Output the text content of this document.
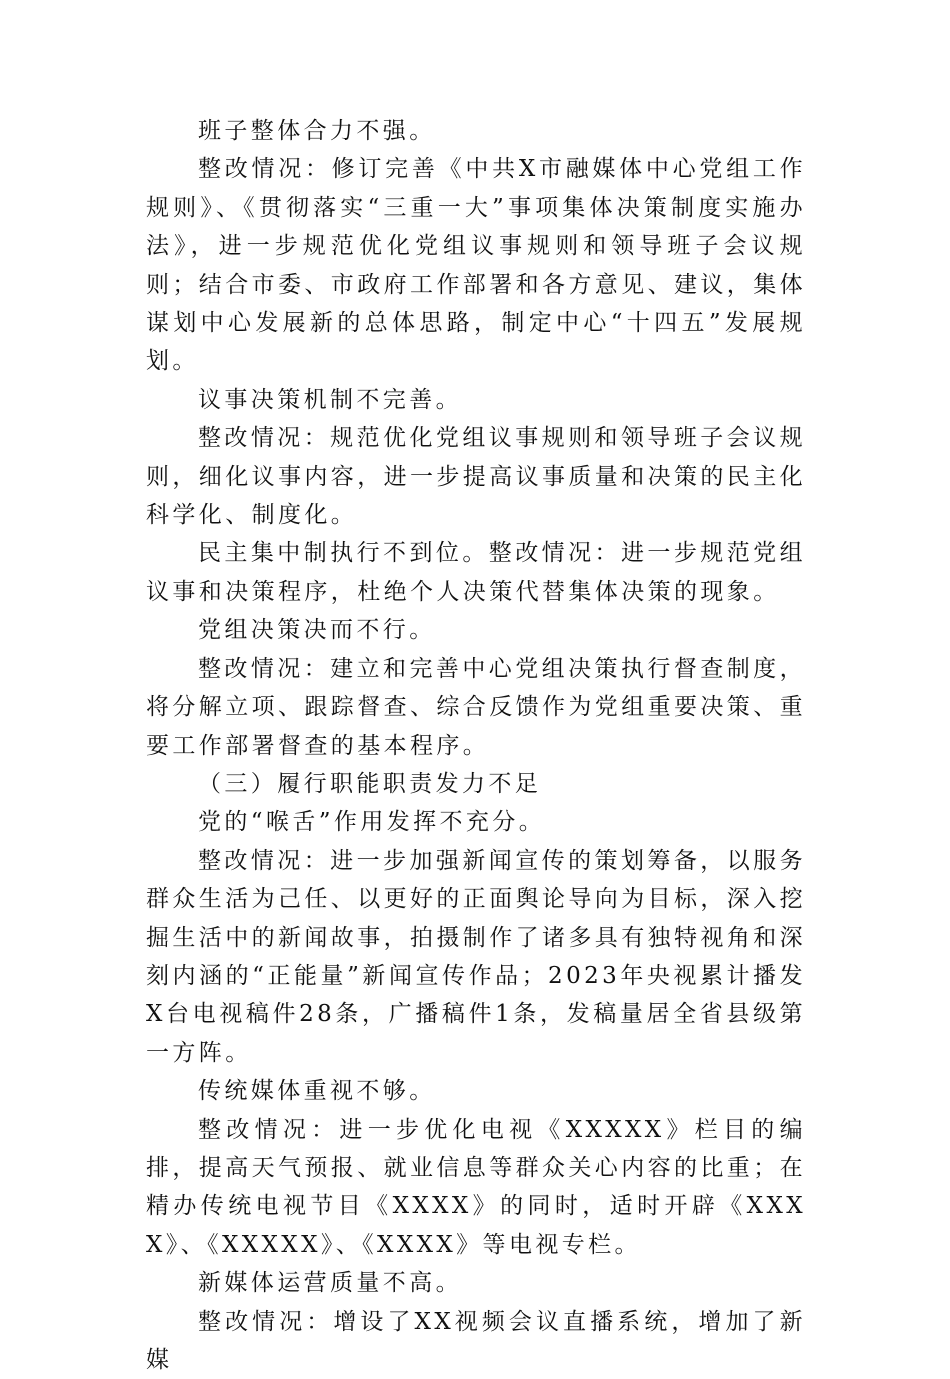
班子整体合力不强。

整改情况：修订完善《中共X市融媒体中心党组工作规则》、《贯彻落实“三重一大”事项集体决策制度实施办法》，进一步规范优化党组议事规则和领导班子会议规则；结合市委、市政府工作部署和各方意见、建议，集体谋划中心发展新的总体思路，制定中心“十四五”发展规划。

议事决策机制不完善。

整改情况：规范优化党组议事规则和领导班子会议规则，细化议事内容，进一步提高议事质量和决策的民主化科学化、制度化。

民主集中制执行不到位。整改情况：进一步规范党组议事和决策程序，杜绝个人决策代替集体决策的现象。

党组决策决而不行。

整改情况：建立和完善中心党组决策执行督查制度，将分解立项、跟踪督查、综合反馈作为党组重要决策、重要工作部署督查的基本程序。

（三）履行职能职责发力不足

党的“喉舌”作用发挥不充分。

整改情况：进一步加强新闻宣传的策划筹备，以服务群众生活为己任、以更好的正面舆论导向为目标，深入挖掘生活中的新闻故事，拍摄制作了诸多具有独特视角和深刻内涵的“正能量”新闻宣传作品；2023年央视累计播发X台电视稿件28条，广播稿件1条，发稿量居全省县级第一方阵。

传统媒体重视不够。

整改情况：进一步优化电视《XXXXX》栏目的编排，提高天气预报、就业信息等群众关心内容的比重；在精办传统电视节目《XXXX》的同时，适时开辟《XXXX》、《XXXXX》、《XXXX》等电视专栏。

新媒体运营质量不高。

整改情况：增设了XX视频会议直播系统，增加了新媒
